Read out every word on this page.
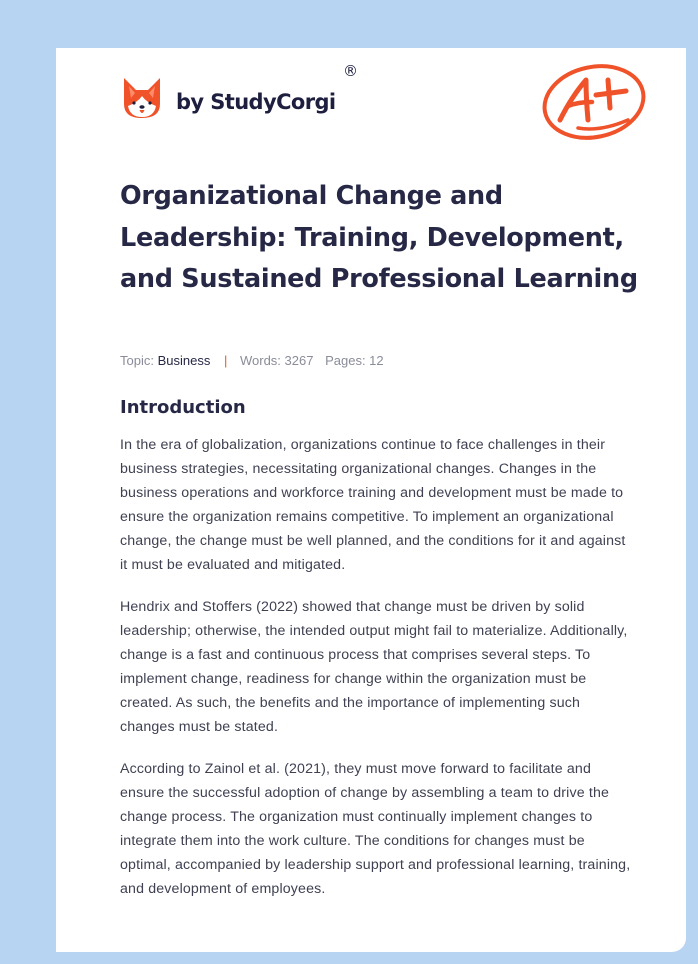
by StudyCorgi
®
Organizational Change and Leadership: Training, Development, and Sustained Professional Learning
Topic: Business | Words: 3267 Pages: 12
Introduction

In the era of globalization, organizations continue to face challenges in their business strategies, necessitating organizational changes. Changes in the business operations and workforce training and development must be made to ensure the organization remains competitive. To implement an organizational change, the change must be well planned, and the conditions for it and against it must be evaluated and mitigated.

Hendrix and Stoffers (2022) showed that change must be driven by solid leadership; otherwise, the intended output might fail to materialize. Additionally, change is a fast and continuous process that comprises several steps. To implement change, readiness for change within the organization must be created. As such, the benefits and the importance of implementing such changes must be stated.

According to Zainol et al. (2021), they must move forward to facilitate and ensure the successful adoption of change by assembling a team to drive the change process. The organization must continually implement changes to integrate them into the work culture. The conditions for changes must be optimal, accompanied by leadership support and professional learning, training, and development of employees.
